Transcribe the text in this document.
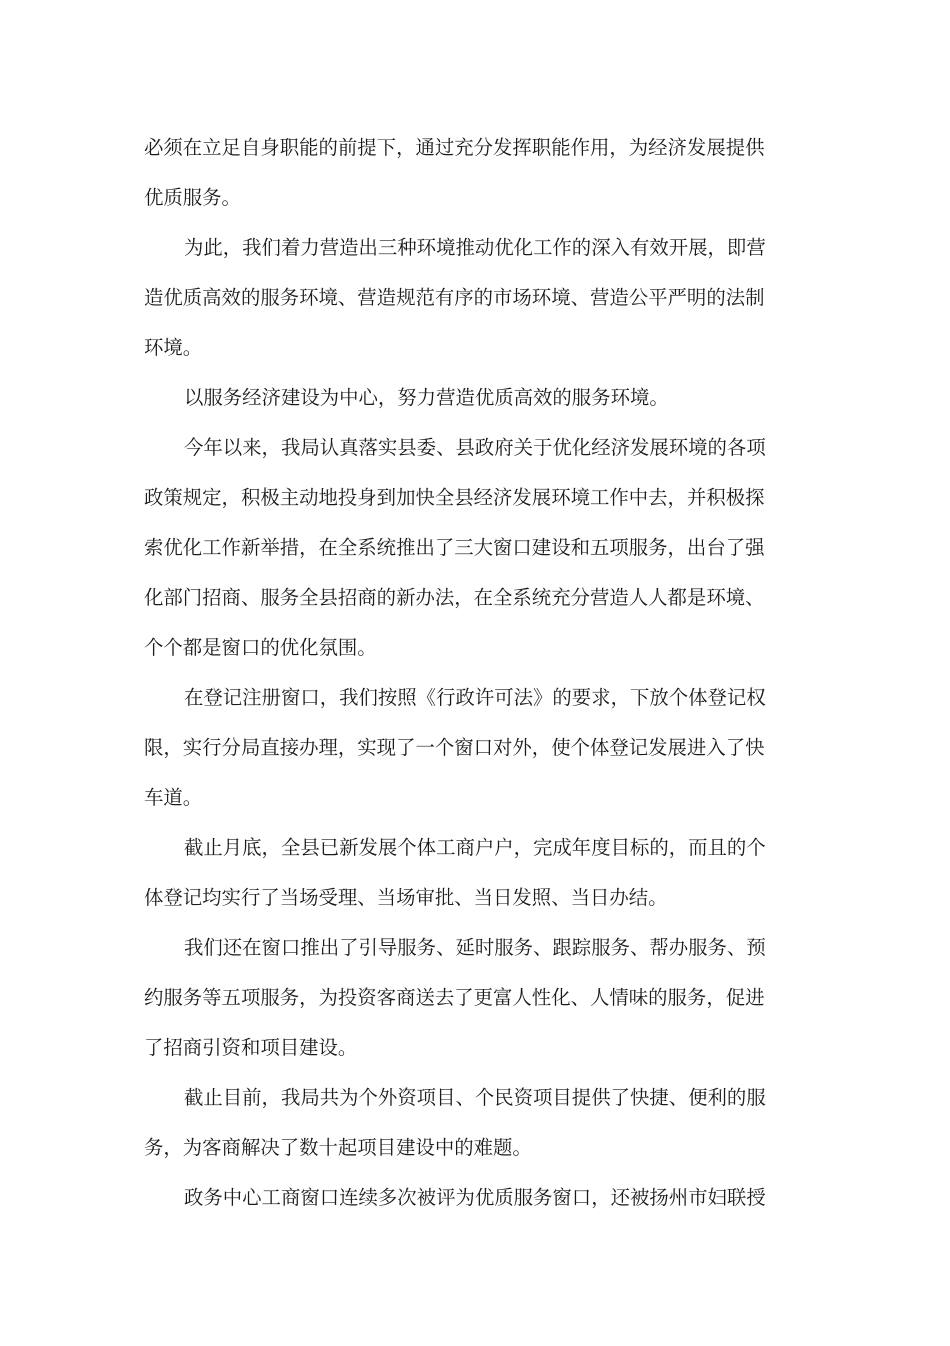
必须在立足自身职能的前提下，通过充分发挥职能作用，为经济发展提供
优质服务。
为此，我们着力营造出三种环境推动优化工作的深入有效开展，即营
造优质高效的服务环境、营造规范有序的市场环境、营造公平严明的法制
环境。
以服务经济建设为中心，努力营造优质高效的服务环境。
今年以来，我局认真落实县委、县政府关于优化经济发展环境的各项
政策规定，积极主动地投身到加快全县经济发展环境工作中去，并积极探
索优化工作新举措，在全系统推出了三大窗口建设和五项服务，出台了强
化部门招商、服务全县招商的新办法，在全系统充分营造人人都是环境、
个个都是窗口的优化氛围。
在登记注册窗口，我们按照《行政许可法》的要求，下放个体登记权
限，实行分局直接办理，实现了一个窗口对外，使个体登记发展进入了快
车道。
截止月底，全县已新发展个体工商户户，完成年度目标的，而且的个
体登记均实行了当场受理、当场审批、当日发照、当日办结。
我们还在窗口推出了引导服务、延时服务、跟踪服务、帮办服务、预
约服务等五项服务，为投资客商送去了更富人性化、人情味的服务，促进
了招商引资和项目建设。
截止目前，我局共为个外资项目、个民资项目提供了快捷、便利的服
务，为客商解决了数十起项目建设中的难题。
政务中心工商窗口连续多次被评为优质服务窗口，还被扬州市妇联授
